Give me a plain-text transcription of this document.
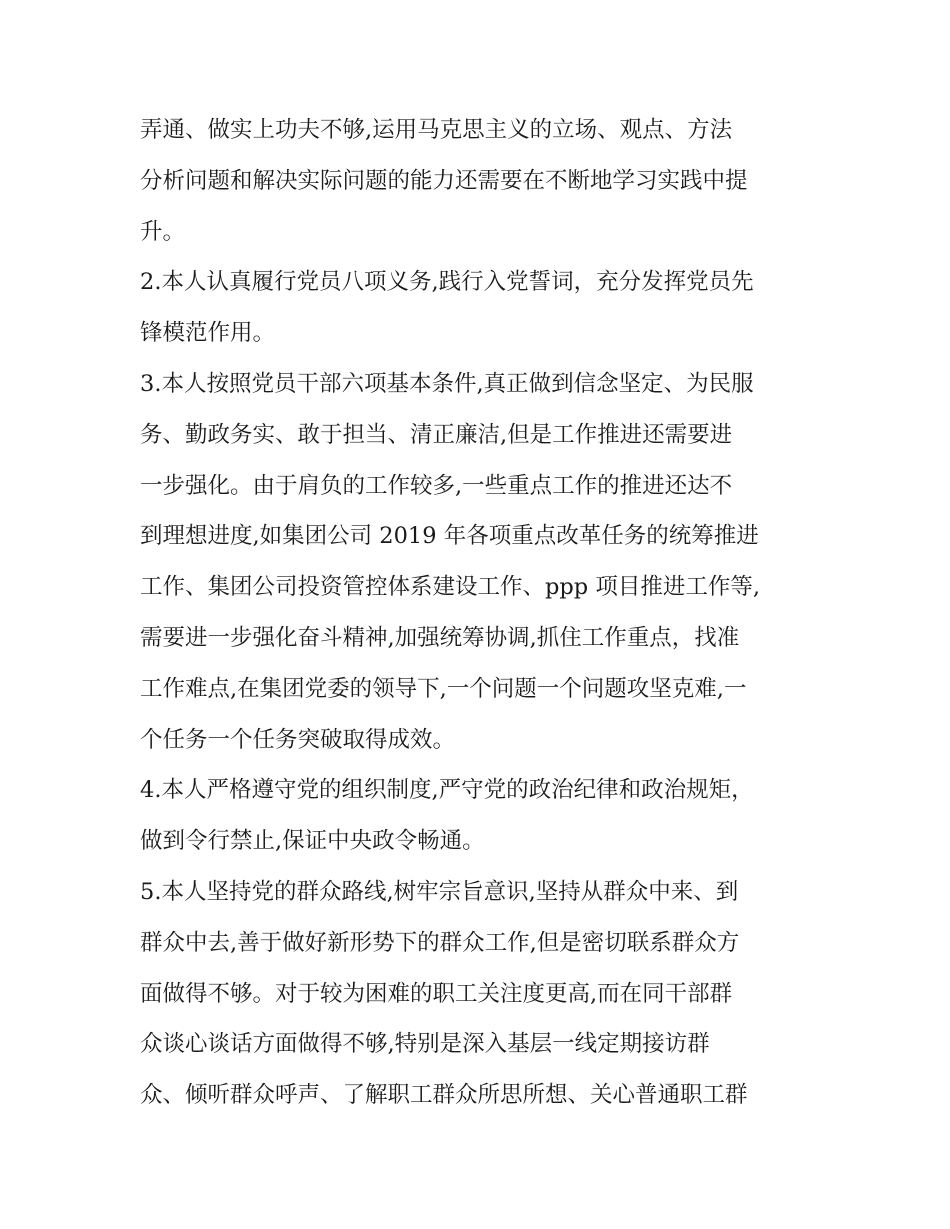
弄通、做实上功夫不够,运用马克思主义的立场、观点、方法
分析问题和解决实际问题的能力还需要在不断地学习实践中提
升。
2.本人认真履行党员八项义务,践行入党誓词，充分发挥党员先
锋模范作用。
3.本人按照党员干部六项基本条件,真正做到信念坚定、为民服
务、勤政务实、敢于担当、清正廉洁,但是工作推进还需要进
一步强化。由于肩负的工作较多,一些重点工作的推进还达不
到理想进度,如集团公司 2019 年各项重点改革任务的统筹推进
工作、集团公司投资管控体系建设工作、ppp 项目推进工作等,
需要进一步强化奋斗精神,加强统筹协调,抓住工作重点，找准
工作难点,在集团党委的领导下,一个问题一个问题攻坚克难,一
个任务一个任务突破取得成效。
4.本人严格遵守党的组织制度,严守党的政治纪律和政治规矩，
做到令行禁止,保证中央政令畅通。
5.本人坚持党的群众路线,树牢宗旨意识,坚持从群众中来、到
群众中去,善于做好新形势下的群众工作,但是密切联系群众方
面做得不够。对于较为困难的职工关注度更高,而在同干部群
众谈心谈话方面做得不够,特别是深入基层一线定期接访群
众、倾听群众呼声、了解职工群众所思所想、关心普通职工群
